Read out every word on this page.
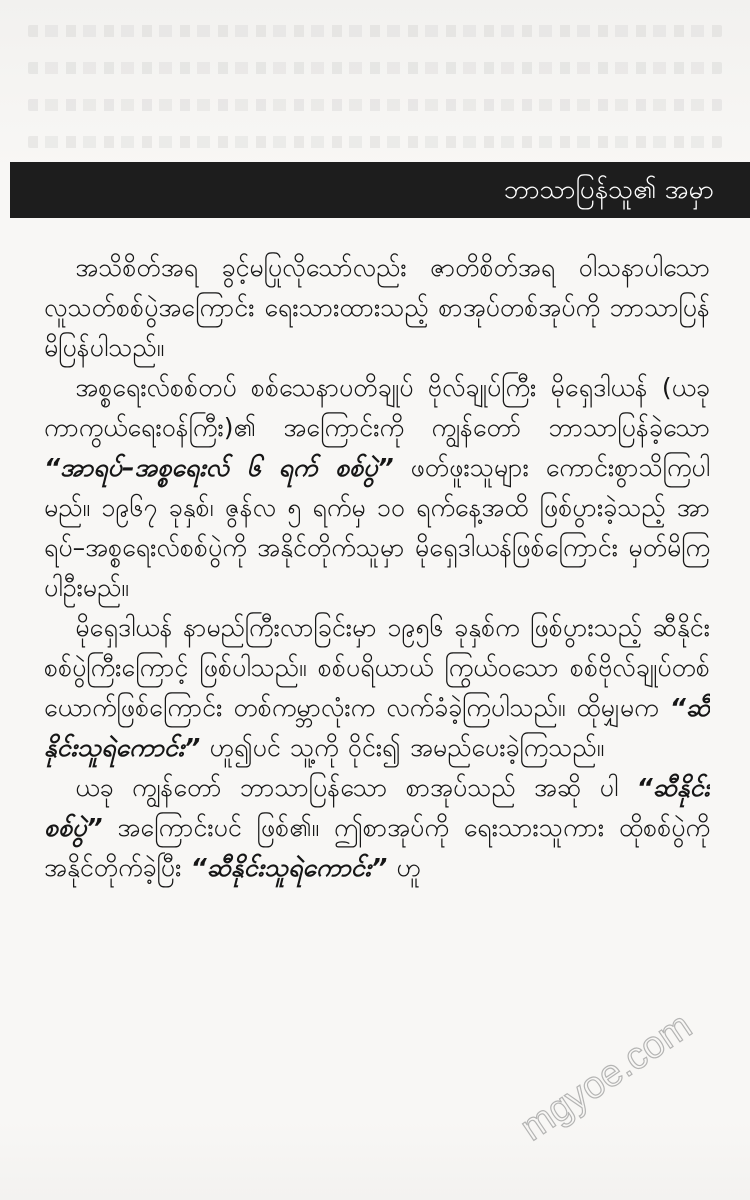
ဘာသာပြန်သူ၏ အမှာ

အသိစိတ်အရ ခွင့်မပြုလိုသော်လည်း ဇာတိစိတ်အရ ဝါသနာပါသော လူသတ်စစ်ပွဲအကြောင်း ရေးသားထားသည့် စာအုပ်တစ်အုပ်ကို ဘာသာပြန်မိပြန်ပါသည်။

အစ္စရေးလ်စစ်တပ် စစ်သေနာပတိချုပ် ဗိုလ်ချုပ်ကြီး မိုရှေဒါယန် (ယခု ကာကွယ်ရေးဝန်ကြီး)၏ အကြောင်းကို ကျွန်တော် ဘာသာပြန်ခဲ့သော “အာရပ်–အစ္စရေးလ် ၆ ရက် စစ်ပွဲ” ဖတ်ဖူးသူများ ကောင်းစွာသိကြပါမည်။ ၁၉၆၇ ခုနှစ်၊ ဇွန်လ ၅ ရက်မှ ၁၀ ရက်နေ့အထိ ဖြစ်ပွားခဲ့သည့် အာရပ်–အစ္စရေးလ်စစ်ပွဲကို အနိုင်တိုက်သူမှာ မိုရှေဒါယန်ဖြစ်ကြောင်း မှတ်မိကြပါဦးမည်။

မိုရှေဒါယန် နာမည်ကြီးလာခြင်းမှာ ၁၉၅၆ ခုနှစ်က ဖြစ်ပွားသည့် ဆီနိုင်းစစ်ပွဲကြီးကြောင့် ဖြစ်ပါသည်။ စစ်ပရိယာယ် ကြွယ်ဝသော စစ်ဗိုလ်ချုပ်တစ်ယောက်ဖြစ်ကြောင်း တစ်ကမ္ဘာလုံးက လက်ခံခဲ့ကြပါသည်။ ထိုမျှမက “ဆီနိုင်းသူရဲကောင်း” ဟူ၍ပင် သူ့ကို ဝိုင်း၍ အမည်ပေးခဲ့ကြသည်။

ယခု ကျွန်တော် ဘာသာပြန်သော စာအုပ်သည် အဆို ပါ “ဆီနိုင်းစစ်ပွဲ” အကြောင်းပင် ဖြစ်၏။ ဤစာအုပ်ကို ရေးသားသူကား ထိုစစ်ပွဲကို အနိုင်တိုက်ခဲ့ပြီး “ဆီနိုင်းသူရဲကောင်း” ဟူ

mgyoe.com
